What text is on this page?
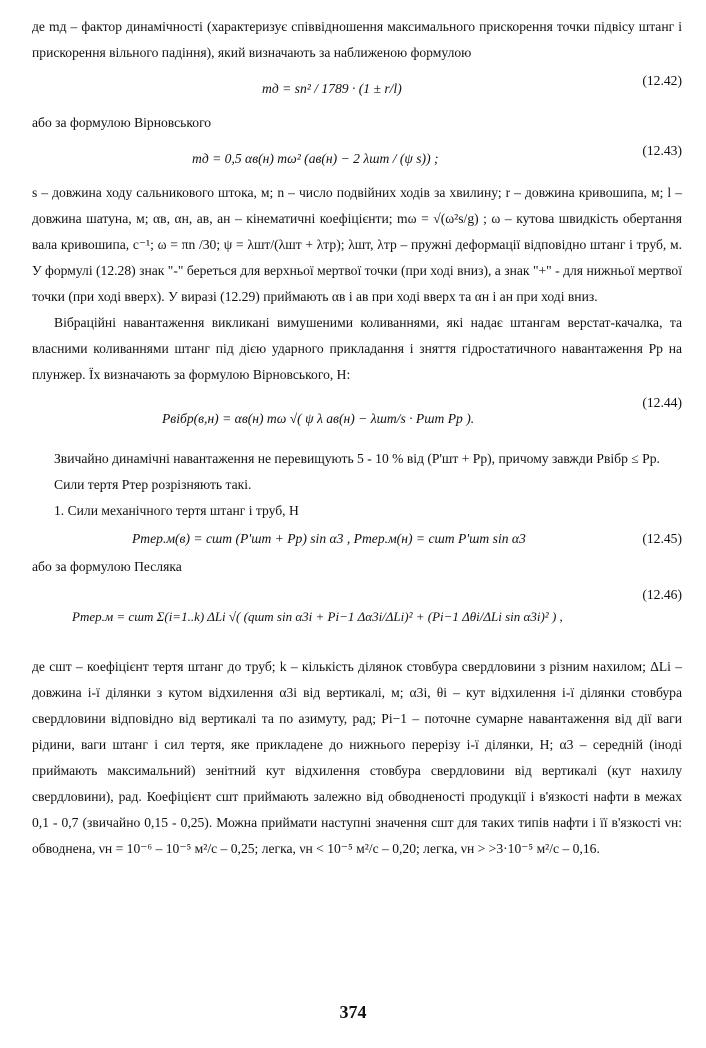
де mд – фактор динамічності (характеризує співвідношення максимального прискорення точки підвісу штанг і прискорення вільного падіння), який визначають за наближеною формулою

mд = sn² / 1789 · (1 ± r/l)
(12.42)

або за формулою Вірновського

mд = 0,5 αв(н) mω² (aв(н) − 2 λшт / (ψ s)) ;
(12.43)

s – довжина ходу сальникового штока, м; n – число подвійних ходів за хвилину; r – довжина кривошипа, м; l – довжина шатуна, м; αв, αн, aв, aн – кінематичні коефіцієнти; mω = √(ω²s/g) ; ω – кутова швидкість обертання вала кривошипа, с⁻¹; ω = πn /30; ψ = λшт/(λшт + λтр); λшт, λтр – пружні деформації відповідно штанг і труб, м. У формулі (12.28) знак "-" береться для верхньої мертвої точки (при ході вниз), а знак "+" - для нижньої мертвої точки (при ході вверх). У виразі (12.29) приймають αв і aв при ході вверх та αн і aн при ході вниз.

Вібраційні навантаження викликані вимушеними коливаннями, які надає штангам верстат-качалка, та власними коливаннями штанг під дією ударного прикладання і зняття гідростатичного навантаження Pр на плунжер. Їх визначають за формулою Вірновського, Н:

Pвібр(в,н) = αв(н) mω √( ψ λ aв(н) − λшт/s · Pшт Pр ).
(12.44)

Звичайно динамічні навантаження не перевищують 5 - 10 % від (P'шт + Pр), причому завжди Pвібр ≤ Pр.

Сили тертя Pтер розрізняють такі.

1. Сили механічного тертя штанг і труб, Н

Pтер.м(в) = cшт (P'шт + Pр) sin α3 , Pтер.м(н) = cшт P'шт sin α3	(12.45)

або за формулою Песляка

Pтер.м = cшт Σ(i=1..k) ΔLi √( (qшт sin α3i + Pi−1 Δα3i/ΔLi)² + (Pi−1 Δθi/ΔLi sin α3i)² ) ,
(12.46)

де cшт – коефіцієнт тертя штанг до труб; k – кількість ділянок стовбура свердловини з різним нахилом; ΔLi – довжина i-ї ділянки з кутом відхилення α3i від вертикалі, м; α3i, θi – кут відхилення i-ї ділянки стовбура свердловини відповідно від вертикалі та по азимуту, рад; Pi−1 – поточне сумарне навантаження від дії ваги рідини, ваги штанг і сил тертя, яке прикладене до нижнього перерізу i-ї ділянки, Н; α3 – середній (іноді приймають максимальний) зенітний кут відхилення стовбура свердловини від вертикалі (кут нахилу свердловини), рад. Коефіцієнт cшт приймають залежно від обводненості продукції і в'язкості нафти в межах 0,1 - 0,7 (звичайно 0,15 - 0,25). Можна приймати наступні значення cшт для таких типів нафти і її в'язкості νн: обводнена, νн = 10⁻⁶ – 10⁻⁵ м²/с – 0,25; легка, νн < 10⁻⁵ м²/с – 0,20; легка, νн > >3·10⁻⁵ м²/с – 0,16.

374
